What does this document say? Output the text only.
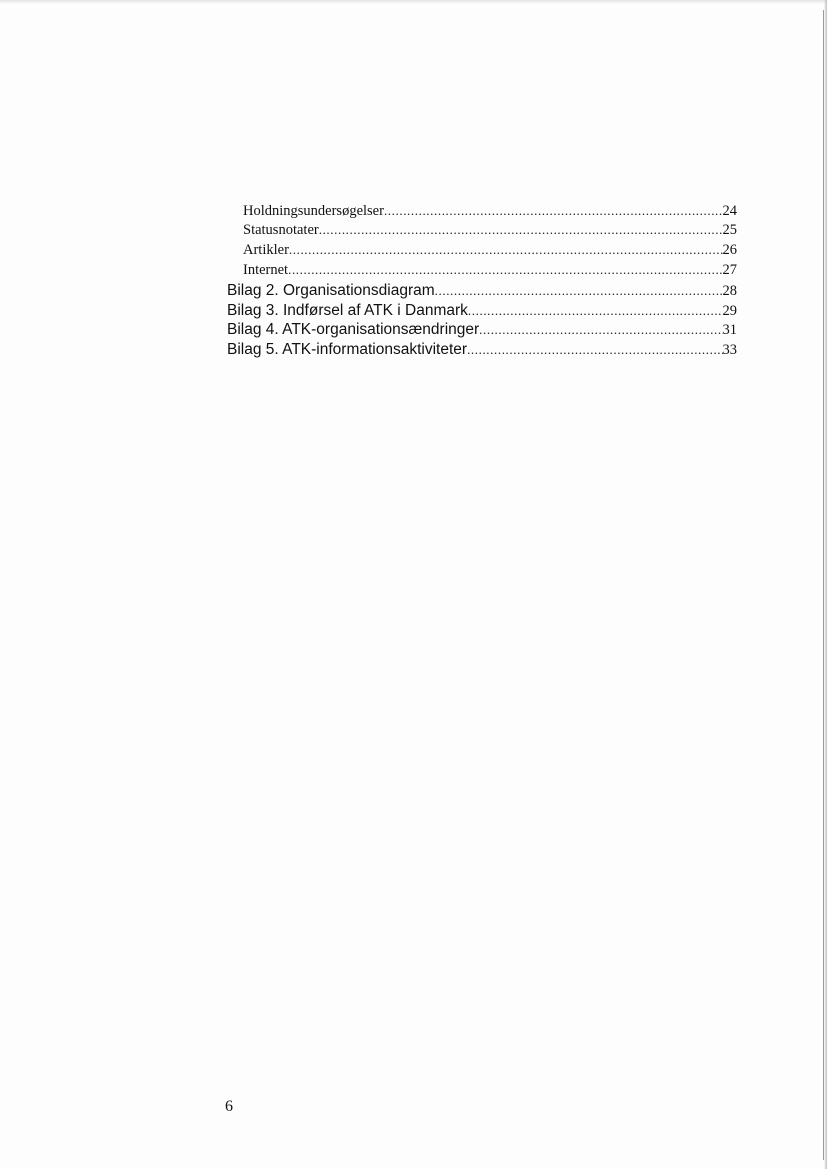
Holdningsundersøgelser .....	24
Statusnotater .....	25
Artikler .....	26
Internet .....	27
Bilag 2. Organisationsdiagram .....	28
Bilag 3. Indførsel af ATK i Danmark .....	29
Bilag 4. ATK-organisationsændringer .....	31
Bilag 5. ATK-informationsaktiviteter .....	33
6
